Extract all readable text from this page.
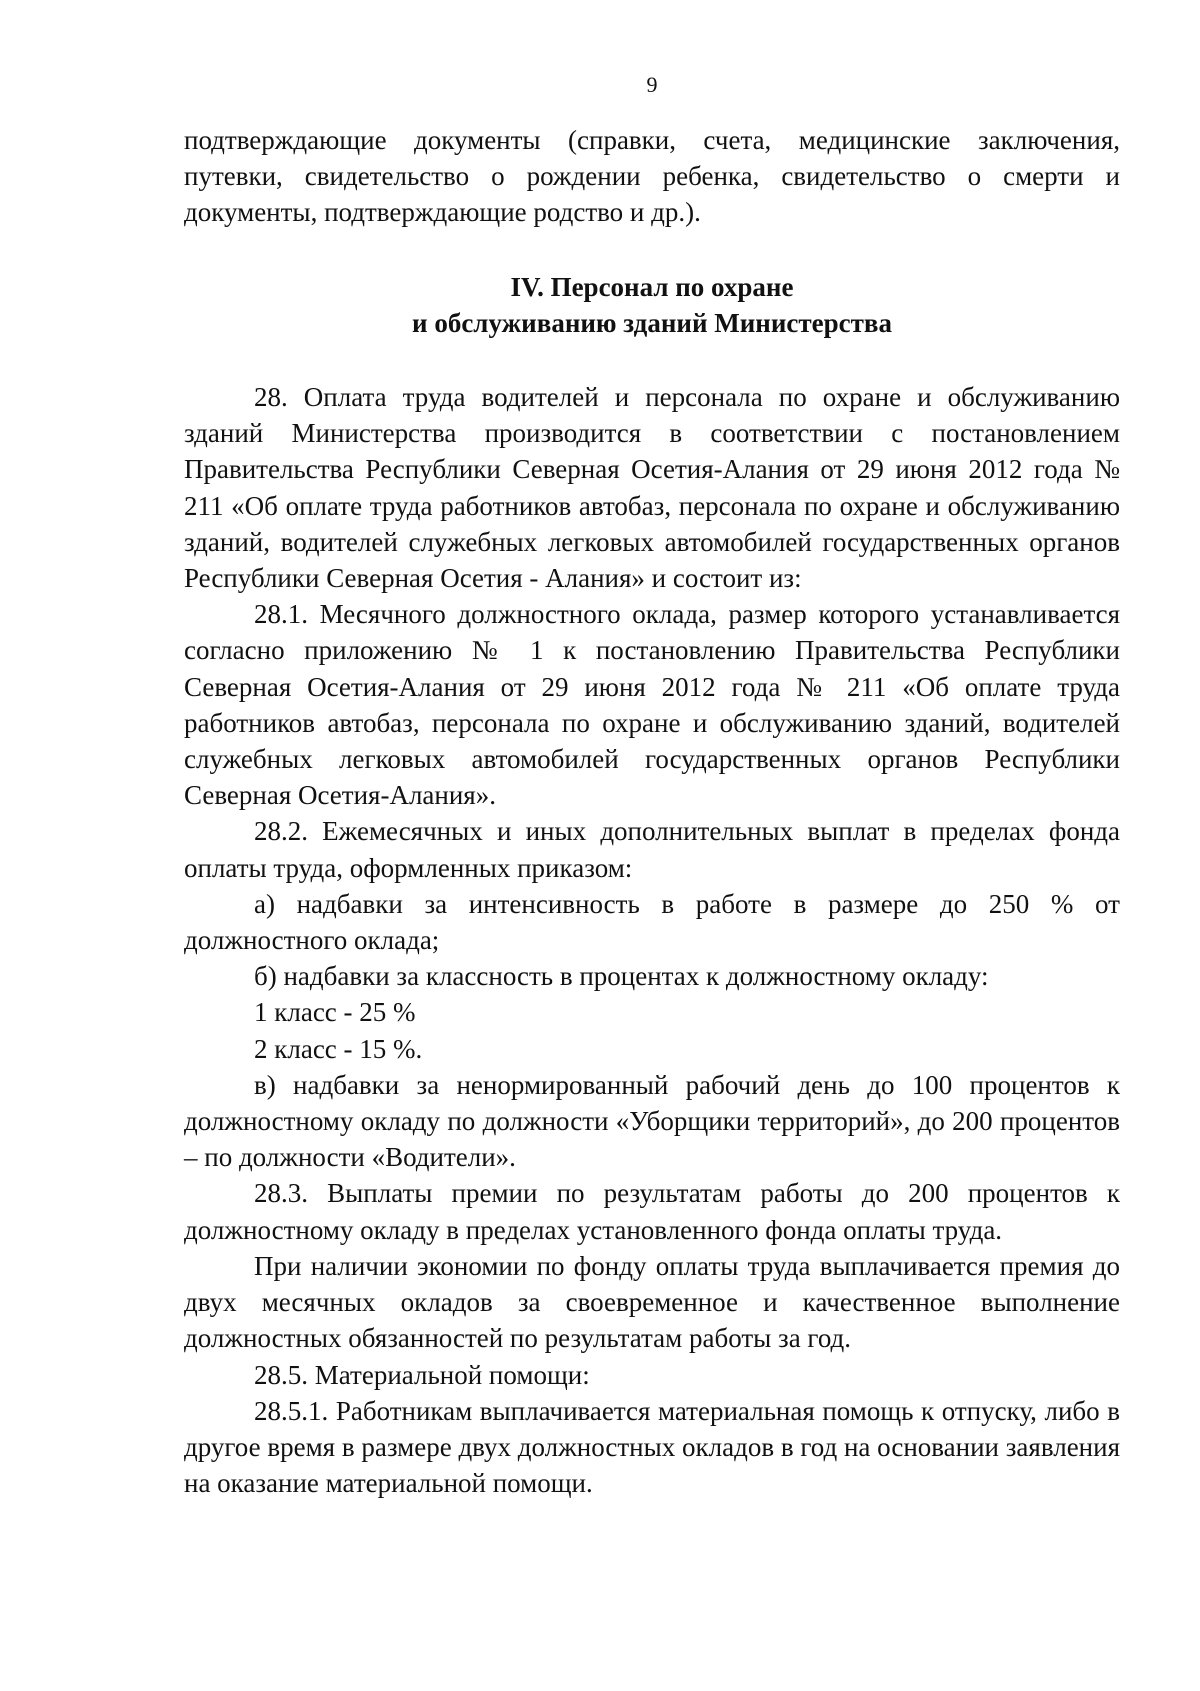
9

подтверждающие документы (справки, счета, медицинские заключения, путевки, свидетельство о рождении ребенка, свидетельство о смерти и документы, подтверждающие родство и др.).

IV. Персонал по охране
и обслуживанию зданий Министерства

28. Оплата труда водителей и персонала по охране и обслуживанию зданий Министерства производится в соответствии с постановлением Правительства Республики Северная Осетия-Алания от 29 июня 2012 года № 211 «Об оплате труда работников автобаз, персонала по охране и обслуживанию зданий, водителей служебных легковых автомобилей государственных органов Республики Северная Осетия - Алания» и состоит из:

28.1. Месячного должностного оклада, размер которого устанавливается согласно приложению № 1 к постановлению Правительства Республики Северная Осетия-Алания от 29 июня 2012 года № 211 «Об оплате труда работников автобаз, персонала по охране и обслуживанию зданий, водителей служебных легковых автомобилей государственных органов Республики Северная Осетия-Алания».

28.2. Ежемесячных и иных дополнительных выплат в пределах фонда оплаты труда, оформленных приказом:

а) надбавки за интенсивность в работе в размере до 250 % от должностного оклада;

б) надбавки за классность в процентах к должностному окладу:

1 класс - 25 %

2 класс - 15 %.

в) надбавки за ненормированный рабочий день до 100 процентов к должностному окладу по должности «Уборщики территорий», до 200 процентов – по должности «Водители».

28.3. Выплаты премии по результатам работы до 200 процентов к должностному окладу в пределах установленного фонда оплаты труда.

При наличии экономии по фонду оплаты труда выплачивается премия до двух месячных окладов за своевременное и качественное выполнение должностных обязанностей по результатам работы за год.

28.5. Материальной помощи:

28.5.1. Работникам выплачивается материальная помощь к отпуску, либо в другое время в размере двух должностных окладов в год на основании заявления на оказание материальной помощи.
